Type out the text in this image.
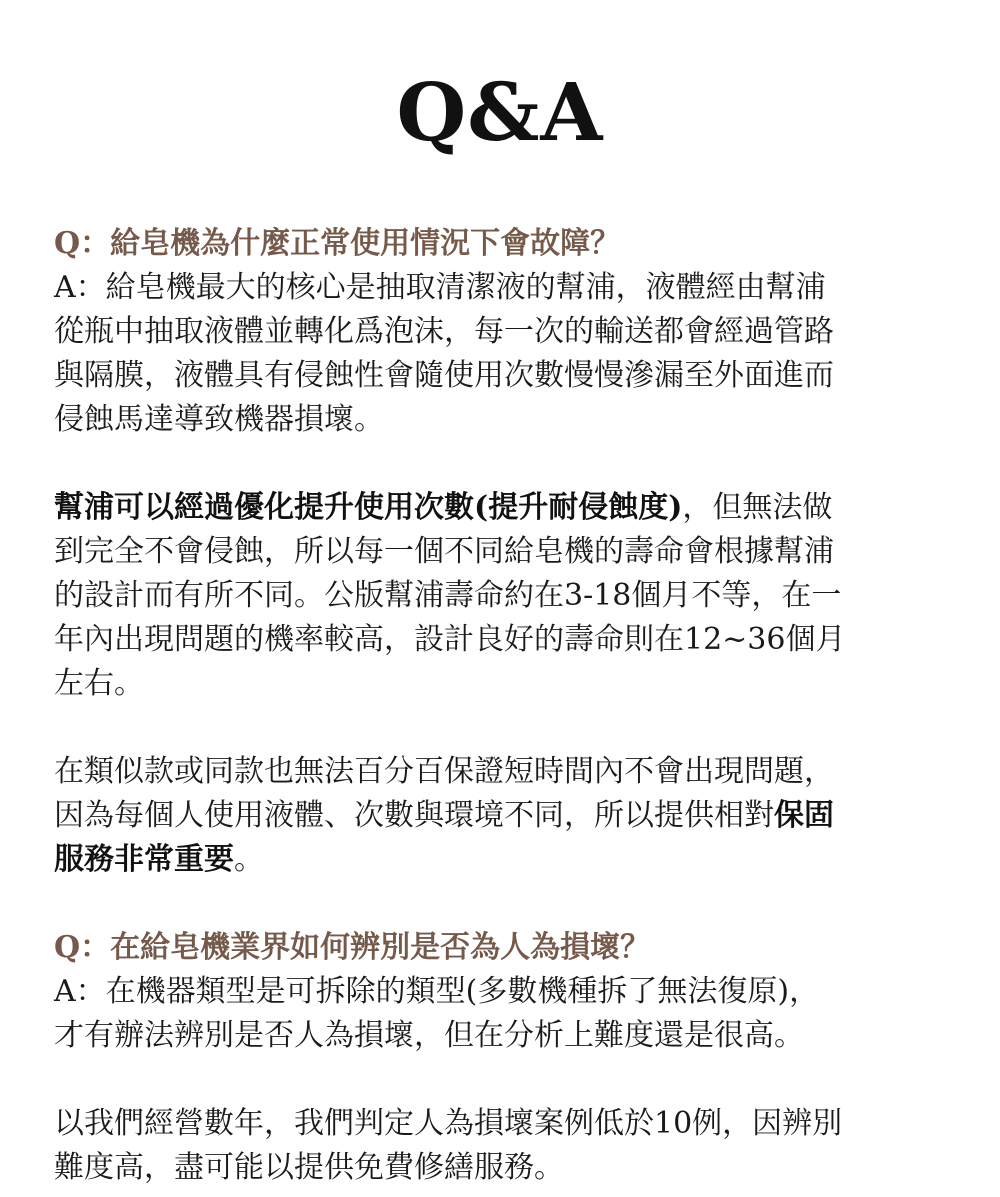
Q&A

Q：給皂機為什麼正常使用情況下會故障？

A：給皂機最大的核心是抽取清潔液的幫浦，液體經由幫浦

從瓶中抽取液體並轉化爲泡沫，每一次的輸送都會經過管路

與隔膜，液體具有侵蝕性會隨使用次數慢慢滲漏至外面進而

侵蝕馬達導致機器損壞。

幫浦可以經過優化提升使用次數(提升耐侵蝕度)，但無法做

到完全不會侵蝕，所以每一個不同給皂機的壽命會根據幫浦

的設計而有所不同。公版幫浦壽命約在3-18個月不等，在一

年內出現問題的機率較高，設計良好的壽命則在12~36個月

左右。

在類似款或同款也無法百分百保證短時間內不會出現問題，

因為每個人使用液體、次數與環境不同，所以提供相對保固

服務非常重要。

Q：在給皂機業界如何辨別是否為人為損壞？

A：在機器類型是可拆除的類型(多數機種拆了無法復原)，

才有辦法辨別是否人為損壞，但在分析上難度還是很高。

以我們經營數年，我們判定人為損壞案例低於10例，因辨別

難度高，盡可能以提供免費修繕服務。
